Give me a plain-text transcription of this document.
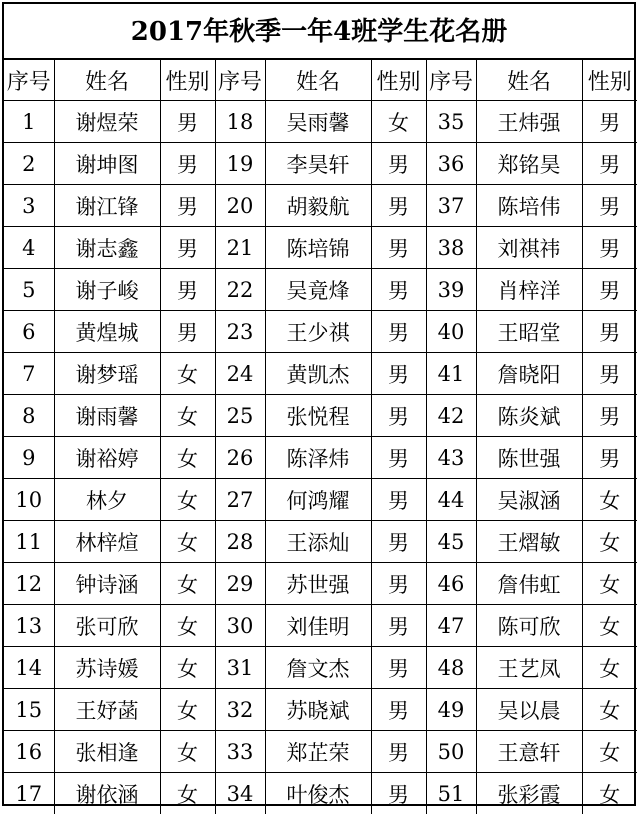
2017年秋季一年4班学生花名册
序号	姓名	性别	序号	姓名	性别	序号	姓名	性别
1	谢煜荣	男	18	吴雨馨	女	35	王炜强	男
2	谢坤图	男	19	李昊轩	男	36	郑铭昊	男
3	谢江锋	男	20	胡毅航	男	37	陈培伟	男
4	谢志鑫	男	21	陈培锦	男	38	刘祺祎	男
5	谢子峻	男	22	吴竟烽	男	39	肖梓洋	男
6	黄煌城	男	23	王少祺	男	40	王昭堂	男
7	谢梦瑶	女	24	黄凯杰	男	41	詹晓阳	男
8	谢雨馨	女	25	张悦程	男	42	陈炎斌	男
9	谢裕婷	女	26	陈泽炜	男	43	陈世强	男
10	林夕	女	27	何鸿耀	男	44	吴淑涵	女
11	林梓煊	女	28	王添灿	男	45	王熠敏	女
12	钟诗涵	女	29	苏世强	男	46	詹伟虹	女
13	张可欣	女	30	刘佳明	男	47	陈可欣	女
14	苏诗媛	女	31	詹文杰	男	48	王艺凤	女
15	王妤菡	女	32	苏晓斌	男	49	吴以晨	女
16	张相逢	女	33	郑芷荣	男	50	王意轩	女
17	谢依涵	女	34	叶俊杰	男	51	张彩霞	女
